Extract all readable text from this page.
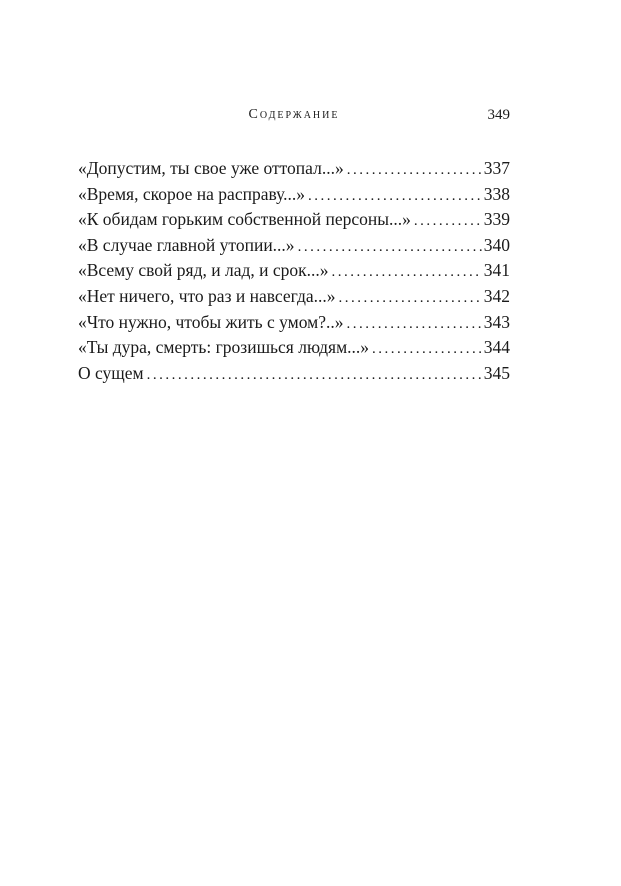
Содержание	349
«Допустим, ты свое уже оттопал...» .....	337
«Время, скорое на расправу...» .....	338
«К обидам горьким собственной персоны...» .....	339
«В случае главной утопии...» .....	340
«Всему свой ряд, и лад, и срок...» .....	341
«Нет ничего, что раз и навсегда...» .....	342
«Что нужно, чтобы жить с умом?..» .....	343
«Ты дура, смерть: грозишься людям...» .....	344
О сущем .....	345
